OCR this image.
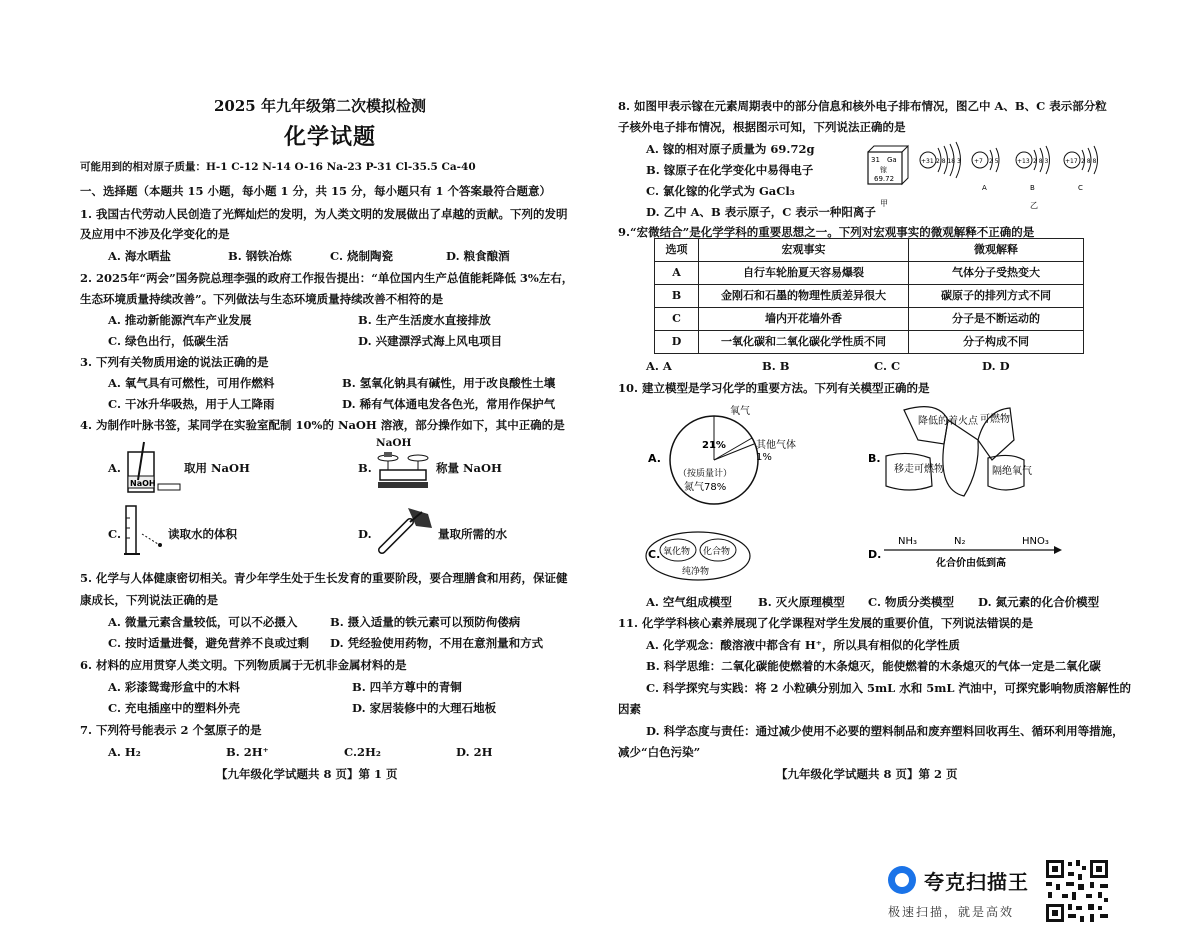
2025 年九年级第二次模拟检测
化学试题
可能用到的相对原子质量：H-1 C-12 N-14 O-16 Na-23 P-31 Cl-35.5 Ca-40
一、选择题（本题共 15 小题，每小题 1 分，共 15 分，每小题只有 1 个答案最符合题意）
1. 我国古代劳动人民创造了光辉灿烂的发明，为人类文明的发展做出了卓越的贡献。下列的发明
及应用中不涉及化学变化的是
A. 海水晒盐	B. 钢铁冶炼	C. 烧制陶瓷	D. 粮食酿酒
2. 2025年“两会”国务院总理李强的政府工作报告提出：“单位国内生产总值能耗降低 3%左右，
生态环境质量持续改善”。下列做法与生态环境质量持续改善不相符的是
A. 推动新能源汽车产业发展	B. 生产生活废水直接排放
C. 绿色出行，低碳生活	D. 兴建漂浮式海上风电项目
3. 下列有关物质用途的说法正确的是
A. 氧气具有可燃性，可用作燃料	B. 氢氧化钠具有碱性，用于改良酸性土壤
C. 干冰升华吸热，用于人工降雨	D. 稀有气体通电发各色光，常用作保护气
4. 为制作叶脉书签，某同学在实验室配制 10%的 NaOH 溶液，部分操作如下，其中正确的是
A.
NaOH
取用 NaOH	B.
NaOH
称量 NaOH
C.	读取水的体积	D.	量取所需的水
5. 化学与人体健康密切相关。青少年学生处于生长发育的重要阶段，要合理膳食和用药，保证健
康成长，下列说法正确的是
A. 微量元素含量较低，可以不必摄入	B. 摄入适量的铁元素可以预防佝偻病
C. 按时适量进餐，避免营养不良或过剩 D. 凭经验使用药物，不用在意剂量和方式
6. 材料的应用贯穿人类文明。下列物质属于无机非金属材料的是
A. 彩漆鸳鸯形盒中的木料	B. 四羊方尊中的青铜
C. 充电插座中的塑料外壳	D. 家居装修中的大理石地板
7. 下列符号能表示 2 个氢原子的是
A. H₂	B. 2H⁺	C.2H₂	D. 2H
【九年级化学试题共 8 页】第 1 页
8. 如图甲表示镓在元素周期表中的部分信息和核外电子排布情况，图乙中 A、B、C 表示部分粒
子核外电子排布情况，根据图示可知，下列说法正确的是
A. 镓的相对原子质量为 69.72g
B. 镓原子在化学变化中易得电子
C. 氯化镓的化学式为 GaCl₃
D. 乙中 A、B 表示原子，C 表示一种阳离子
31 Ga
镓
69.72
甲
+31 2 8 18 3 +7 2 5
A
+13 2 8 3
B
+17 2 8 8
C
乙
9.“宏微结合”是化学学科的重要思想之一。下列对宏观事实的微观解释不正确的是
选项	宏观事实	微观解释
A	自行车轮胎夏天容易爆裂	气体分子受热变大
B	金刚石和石墨的物理性质差异很大	碳原子的排列方式不同
C	墙内开花墙外香	分子是不断运动的
D	一氧化碳和二氧化碳化学性质不同	分子构成不同
A. A	B. B	C. C	D. D
10. 建立模型是学习化学的重要方法。下列有关模型正确的是
A.
21%
氧气
其他气体
1%
（按质量计）
氮气78%
B.
降低的着火点
移走可燃物
可燃物
隔绝氧气
C. 氧化物 化合物
纯净物
D.
NH₃	N₂	HNO₃
化合价由低到高
A. 空气组成模型 B. 灭火原理模型 C. 物质分类模型 D. 氮元素的化合价模型
11. 化学学科核心素养展现了化学课程对学生发展的重要价值，下列说法错误的是
A. 化学观念：酸溶液中都含有 H⁺，所以具有相似的化学性质
B. 科学思维：二氧化碳能使燃着的木条熄灭，能使燃着的木条熄灭的气体一定是二氧化碳
C. 科学探究与实践：将 2 小粒碘分别加入 5mL 水和 5mL 汽油中，可探究影响物质溶解性的
因素
D. 科学态度与责任：通过减少使用不必要的塑料制品和废弃塑料回收再生、循环利用等措施，
减少“白色污染”
【九年级化学试题共 8 页】第 2 页
夸克扫描王
极速扫描，就是高效
